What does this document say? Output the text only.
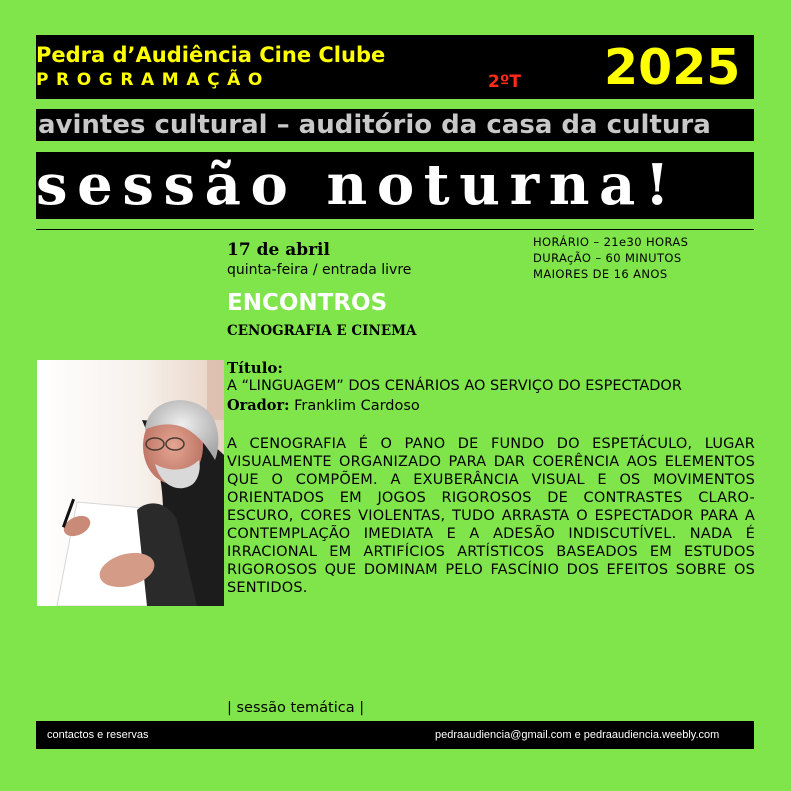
Pedra d’Audiência Cine Clube
PROGRAMAÇÃO	2ºT 2025
avintes cultural – auditório da casa da cultura
sessão noturna!
17 de abril
quinta-feira / entrada livre
HORÁRIO – 21e30 HORAS
DURAçÃO – 60 MINUTOS
MAIORES DE 16 ANOS
ENCONTROS
CENOGRAFIA E CINEMA
Título:
A “LINGUAGEM” DOS CENÁRIOS AO SERVIÇO DO ESPECTADOR
Orador: Franklim Cardoso
A CENOGRAFIA É O PANO DE FUNDO DO ESPETÁCULO, LUGAR VISUALMENTE ORGANIZADO PARA DAR COERÊNCIA AOS ELEMENTOS QUE O COMPÕEM. A EXUBERÂNCIA VISUAL E OS MOVIMENTOS ORIENTADOS EM JOGOS RIGOROSOS DE CONTRASTES CLARO-ESCURO, CORES VIOLENTAS, TUDO ARRASTA O ESPECTADOR PARA A CONTEMPLAÇÃO IMEDIATA E A ADESÃO INDISCUTÍVEL. NADA É IRRACIONAL EM ARTIFÍCIOS ARTÍSTICOS BASEADOS EM ESTUDOS RIGOROSOS QUE DOMINAM PELO FASCÍNIO DOS EFEITOS SOBRE OS SENTIDOS.
| sessão temática |
contactos e reservas	pedraaudiencia@gmail.com e pedraaudiencia.weebly.com
